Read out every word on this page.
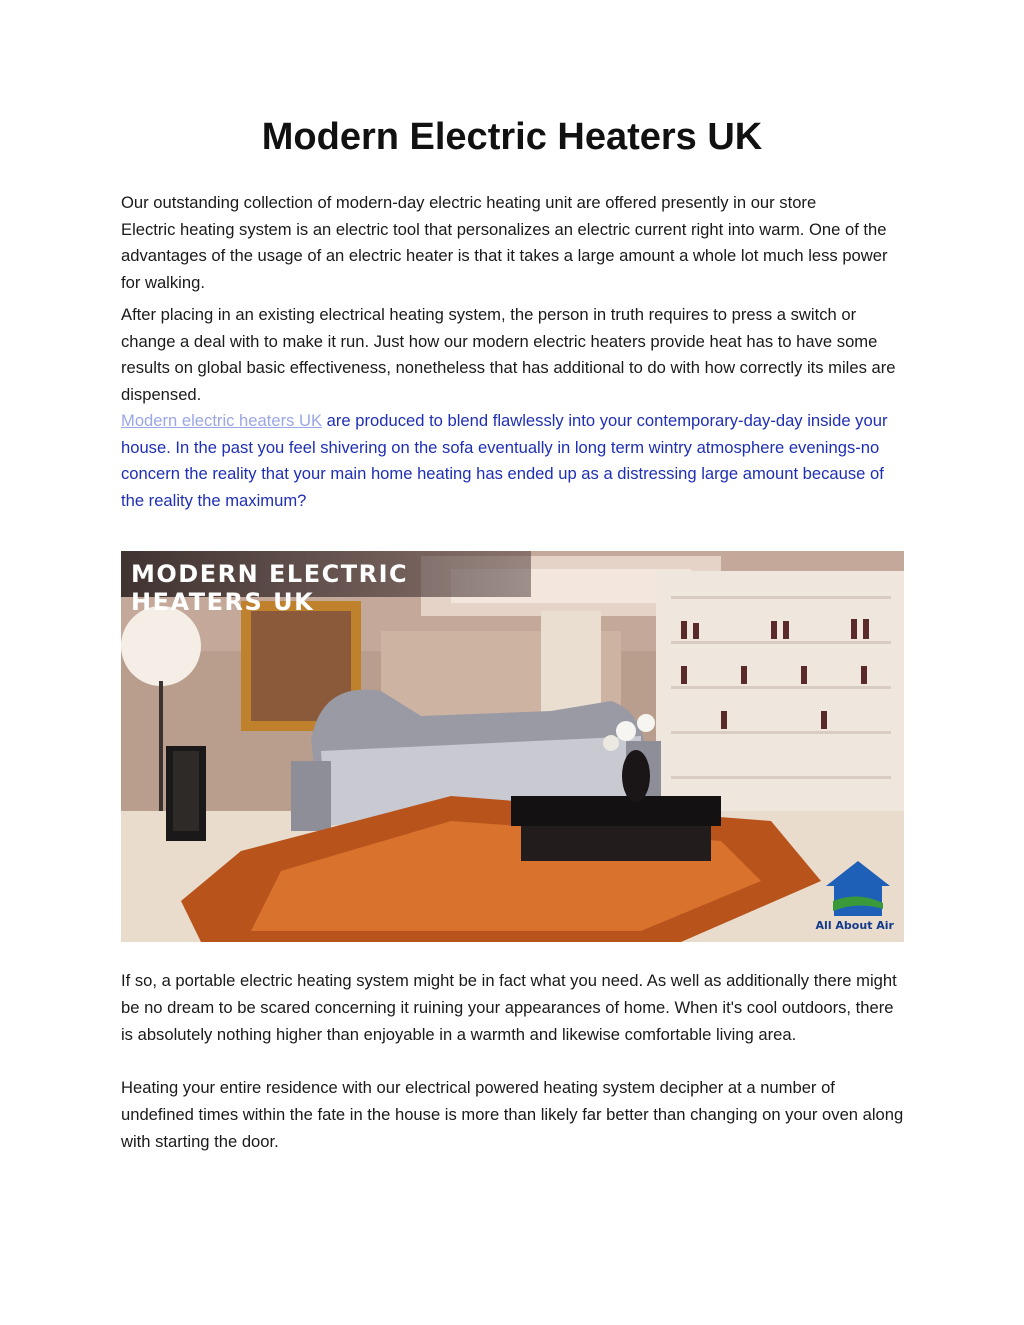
Modern Electric Heaters UK

Our outstanding collection of modern-day electric heating unit are offered presently in our store

Electric heating system is an electric tool that personalizes an electric current right into warm. One of the advantages of the usage of an electric heater is that it takes a large amount a whole lot much less power for walking.

After placing in an existing electrical heating system, the person in truth requires to press a switch or change a deal with to make it run. Just how our modern electric heaters provide heat has to have some results on global basic effectiveness, nonetheless that has additional to do with how correctly its miles are dispensed.

Modern electric heaters UK are produced to blend flawlessly into your contemporary-day-day inside your house. In the past you feel shivering on the sofa eventually in long term wintry atmosphere evenings-no concern the reality that your main home heating has ended up as a distressing large amount because of the reality the maximum?

MODERN ELECTRIC HEATERS UK
All About Air

If so, a portable electric heating system might be in fact what you need. As well as additionally there might be no dream to be scared concerning it ruining your appearances of home. When it's cool outdoors, there is absolutely nothing higher than enjoyable in a warmth and likewise comfortable living area.

Heating your entire residence with our electrical powered heating system decipher at a number of undefined times within the fate in the house is more than likely far better than changing on your oven along with starting the door.
